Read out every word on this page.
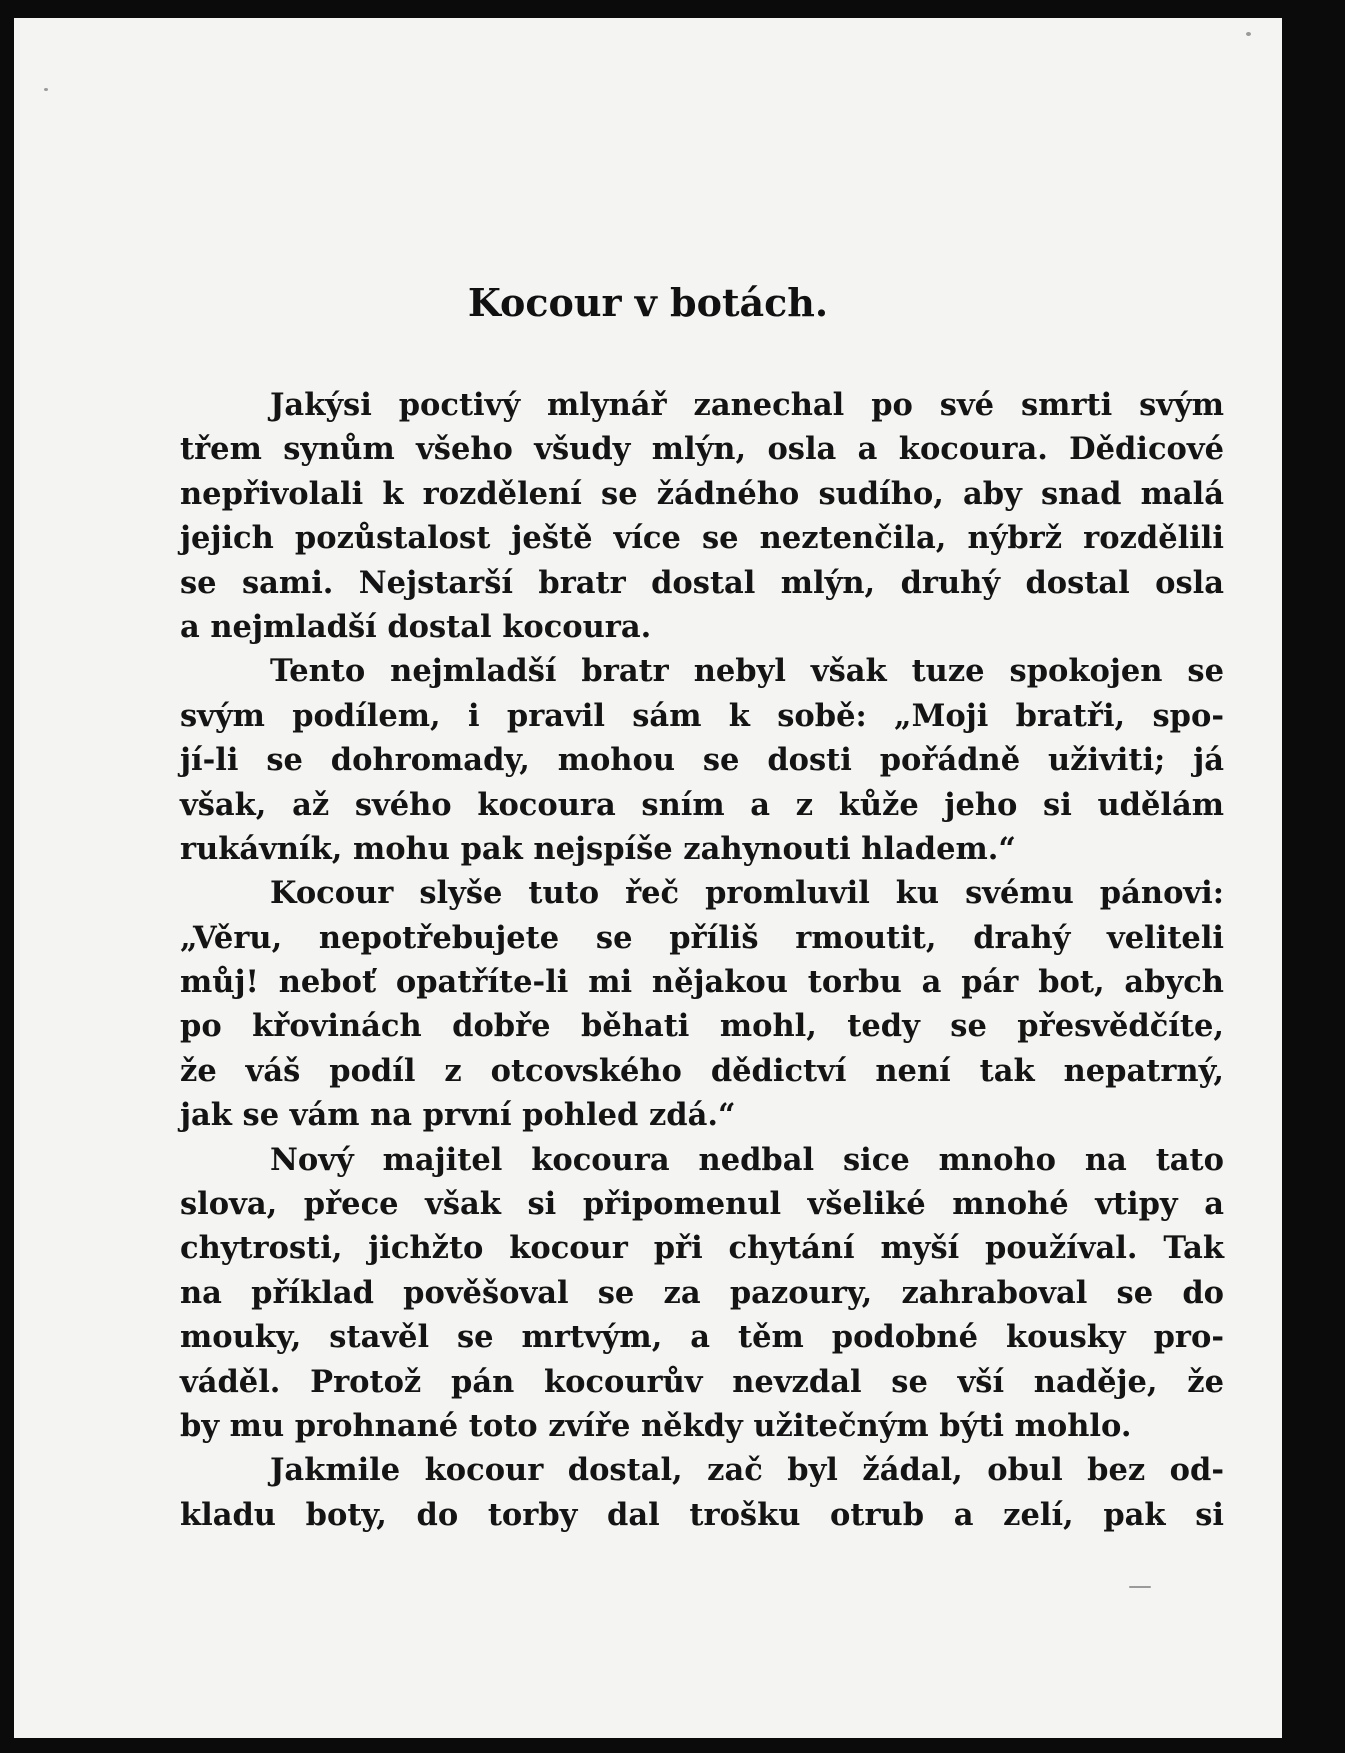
Kocour v botách.
Jakýsi poctivý mlynář zanechal po své smrti svým
třem synům všeho všudy mlýn, osla a kocoura. Dědicové
nepřivolali k rozdělení se žádného sudího, aby snad malá
jejich pozůstalost ještě více se neztenčila, nýbrž rozdělili
se sami. Nejstarší bratr dostal mlýn, druhý dostal osla
a nejmladší dostal kocoura.
Tento nejmladší bratr nebyl však tuze spokojen se
svým podílem, i pravil sám k sobě: „Moji bratři, spo-
jí-li se dohromady, mohou se dosti pořádně uživiti; já
však, až svého kocoura sním a z kůže jeho si udělám
rukávník, mohu pak nejspíše zahynouti hladem.“
Kocour slyše tuto řeč promluvil ku svému pánovi:
„Věru, nepotřebujete se příliš rmoutit, drahý veliteli
můj! neboť opatříte-li mi nějakou torbu a pár bot, abych
po křovinách dobře běhati mohl, tedy se přesvědčíte,
že váš podíl z otcovského dědictví není tak nepatrný,
jak se vám na první pohled zdá.“
Nový majitel kocoura nedbal sice mnoho na tato
slova, přece však si připomenul všeliké mnohé vtipy a
chytrosti, jichžto kocour při chytání myší používal. Tak
na příklad pověšoval se za pazoury, zahraboval se do
mouky, stavěl se mrtvým, a těm podobné kousky pro-
váděl. Protož pán kocourův nevzdal se vší naděje, že
by mu prohnané toto zvíře někdy užitečným býti mohlo.
Jakmile kocour dostal, zač byl žádal, obul bez od-
kladu boty, do torby dal trošku otrub a zelí, pak si
